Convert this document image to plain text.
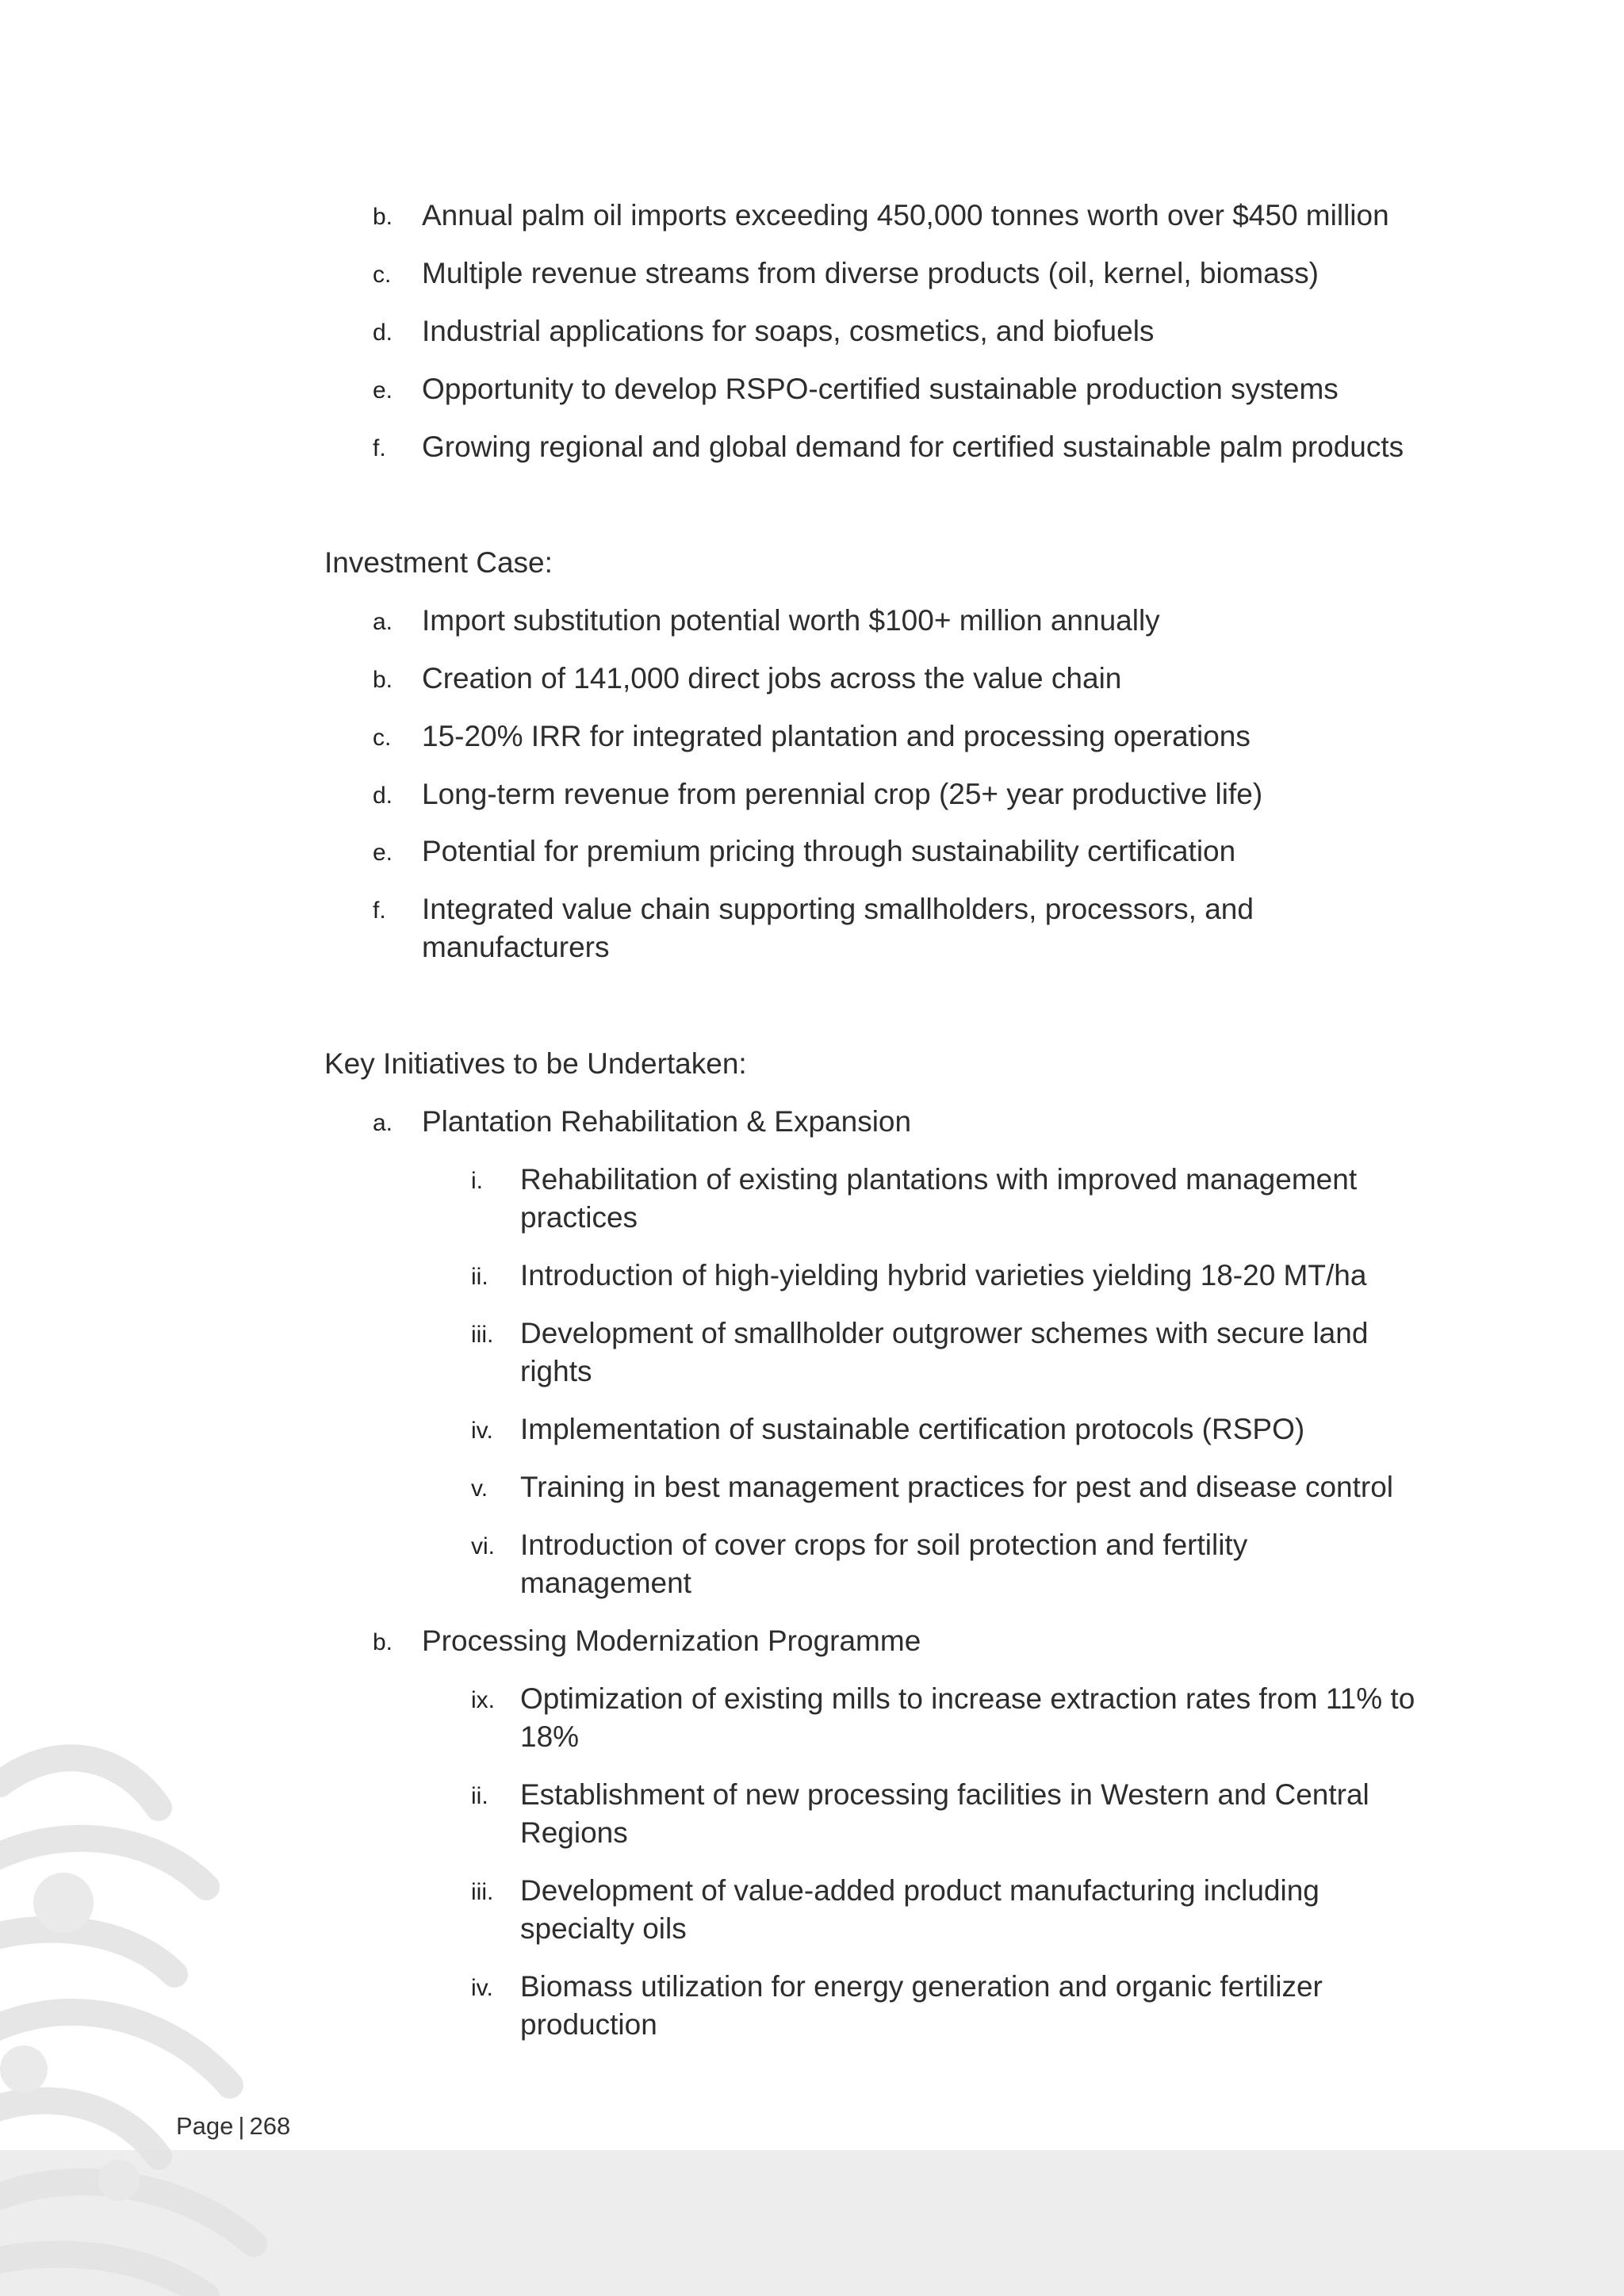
b. Annual palm oil imports exceeding 450,000 tonnes worth over $450 million
c.	Multiple revenue streams from diverse products (oil, kernel, biomass)
d. Industrial applications for soaps, cosmetics, and biofuels
e. Opportunity to develop RSPO-certified sustainable production systems
f.	Growing regional and global demand for certified sustainable palm products
Investment Case:
a. Import substitution potential worth $100+ million annually
b. Creation of 141,000 direct jobs across the value chain
c.	15-20% IRR for integrated plantation and processing operations
d. Long-term revenue from perennial crop (25+ year productive life)
e. Potential for premium pricing through sustainability certification
f.	Integrated value chain supporting smallholders, processors, and
manufacturers
Key Initiatives to be Undertaken:
a. Plantation Rehabilitation & Expansion
i.	Rehabilitation of existing plantations with improved management
practices
ii.	Introduction of high-yielding hybrid varieties yielding 18-20 MT/ha
iii. Development of smallholder outgrower schemes with secure land
rights
iv. Implementation of sustainable certification protocols (RSPO)
v.	Training in best management practices for pest and disease control
vi. Introduction of cover crops for soil protection and fertility
management
b. Processing Modernization Programme
ix. Optimization of existing mills to increase extraction rates from 11% to
18%
ii.	Establishment of new processing facilities in Western and Central
Regions
iii. Development of value-added product manufacturing including
specialty oils
iv. Biomass utilization for energy generation and organic fertilizer
production
Page | 268
